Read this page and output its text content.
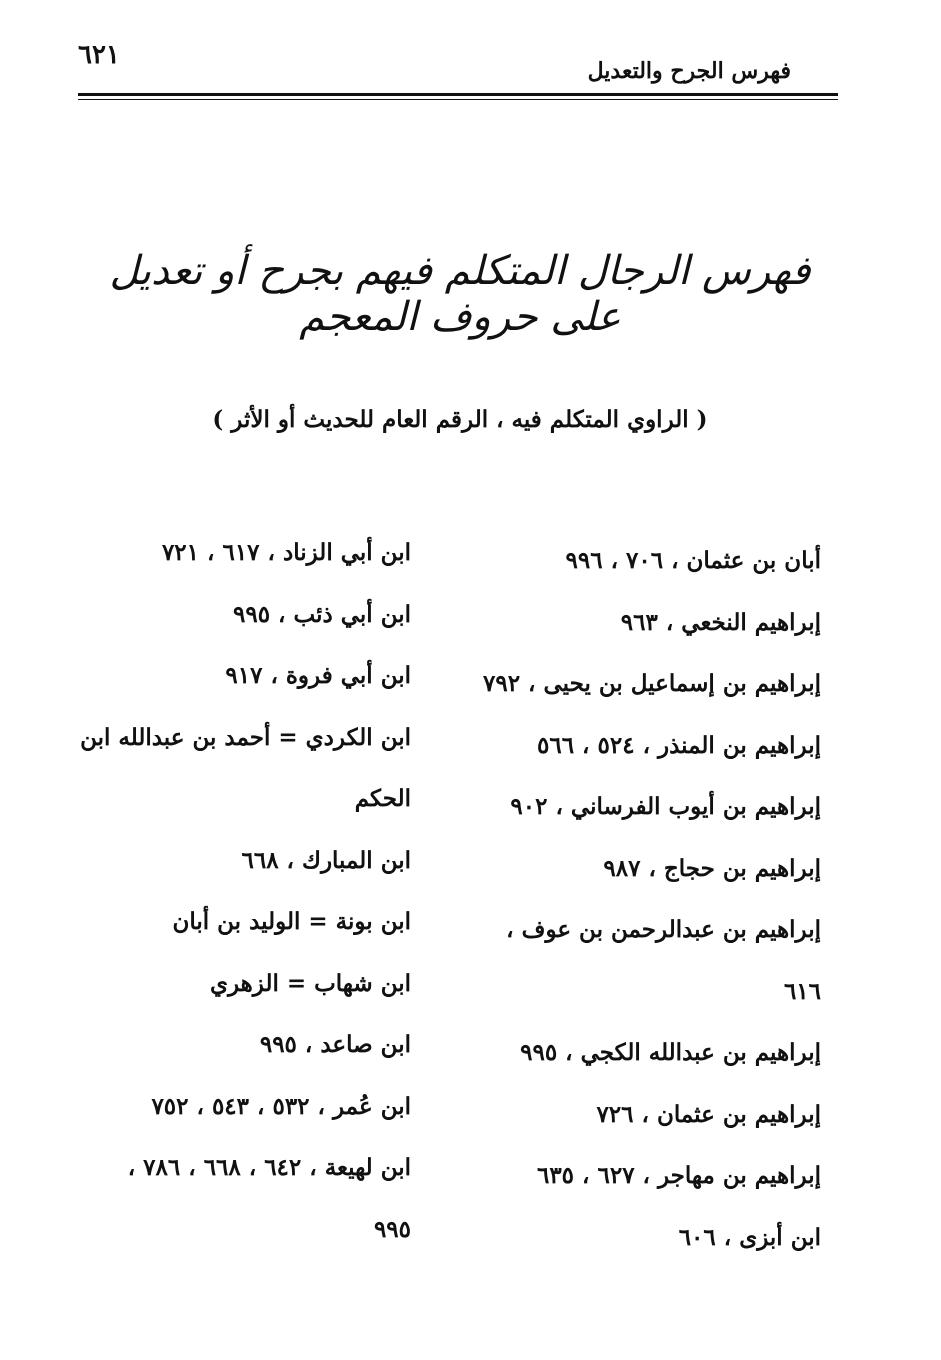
٦٢١
فهرس الجرح والتعديل
فهرس الرجال المتكلم فيهم بجرح أو تعديل على حروف المعجم
( الراوي المتكلم فيه ، الرقم العام للحديث أو الأثر )

أبان بن عثمان ، ٧٠٦ ، ٩٩٦

إبراهيم النخعي ، ٩٦٣

إبراهيم بن إسماعيل بن يحيى ، ٧٩٢

إبراهيم بن المنذر ، ٥٢٤ ، ٥٦٦

إبراهيم بن أيوب الفرساني ، ٩٠٢

إبراهيم بن حجاج ، ٩٨٧

إبراهيم بن عبدالرحمن بن عوف ،

٦١٦

إبراهيم بن عبدالله الكجي ، ٩٩٥

إبراهيم بن عثمان ، ٧٢٦

إبراهيم بن مهاجر ، ٦٢٧ ، ٦٣٥

ابن أبزى ، ٦٠٦

ابن أبي الزناد ، ٦١٧ ، ٧٢١

ابن أبي ذئب ، ٩٩٥

ابن أبي فروة ، ٩١٧

ابن الكردي = أحمد بن عبدالله ابن

الحكم

ابن المبارك ، ٦٦٨

ابن بونة = الوليد بن أبان

ابن شهاب = الزهري

ابن صاعد ، ٩٩٥

ابن عُمر ، ٥٣٢ ، ٥٤٣ ، ٧٥٢

ابن لهيعة ، ٦٤٢ ، ٦٦٨ ، ٧٨٦ ،

٩٩٥
